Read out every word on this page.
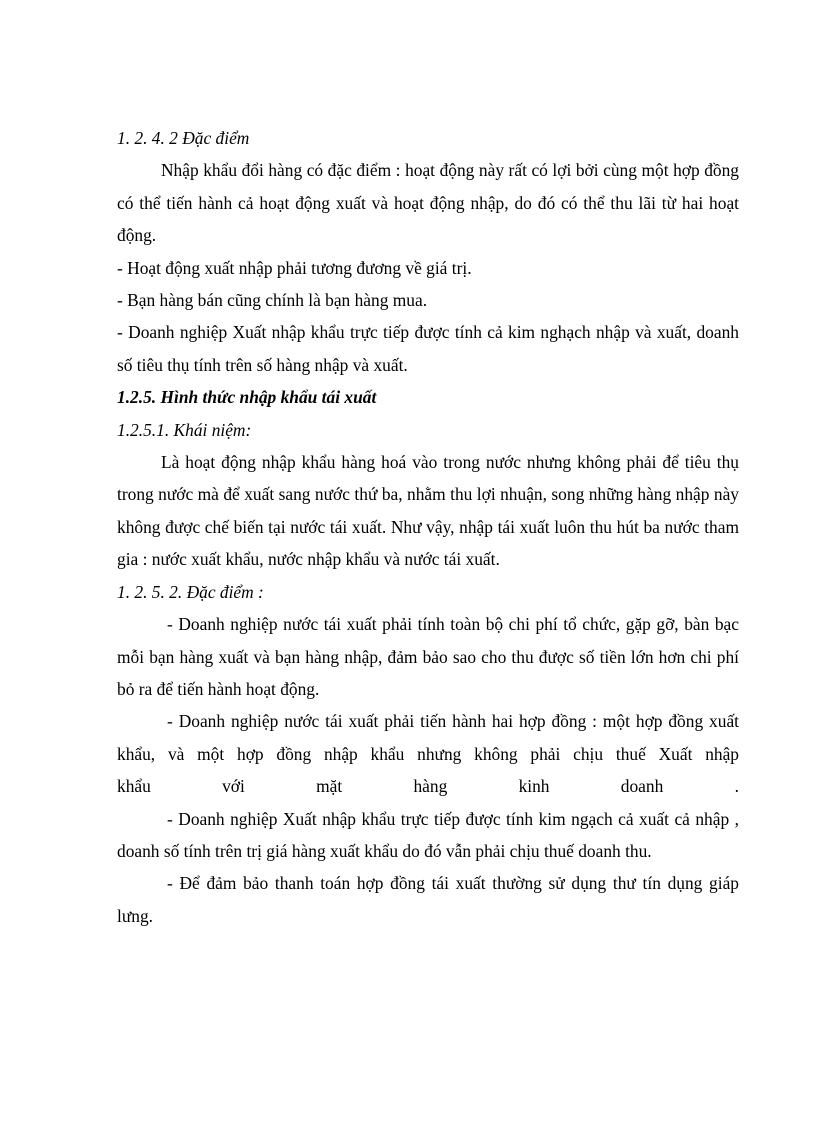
1. 2. 4. 2 Đặc điểm
Nhập khẩu đổi hàng có đặc điểm : hoạt động này rất có lợi bởi cùng một hợp đồng có thể tiến hành cả hoạt động xuất và hoạt động nhập, do đó có thể thu lãi từ hai hoạt động.
- Hoạt động xuất nhập phải tương đương về giá trị.
- Bạn hàng bán cũng chính là bạn hàng mua.
- Doanh nghiệp Xuất nhập khẩu trực tiếp được tính cả kim nghạch nhập và xuất, doanh số tiêu thụ tính trên số hàng nhập và xuất.
1.2.5. Hình thức nhập khẩu tái xuất
1.2.5.1. Khái niệm:
Là hoạt động nhập khẩu hàng hoá vào trong nước nhưng không phải để tiêu thụ trong nước mà để xuất sang nước thứ ba, nhằm thu lợi nhuận, song những hàng nhập này không được chế biến tại nước tái xuất. Như vậy, nhập tái xuất luôn thu hút ba nước tham gia : nước xuất khẩu, nước nhập khẩu và nước tái xuất.
1. 2. 5. 2. Đặc điểm :
- Doanh nghiệp nước tái xuất phải tính toàn bộ chi phí tổ chức, gặp gỡ, bàn bạc mỗi bạn hàng xuất và bạn hàng nhập, đảm bảo sao cho thu được số tiền lớn hơn chi phí bỏ ra để tiến hành hoạt động.
- Doanh nghiệp nước tái xuất phải tiến hành hai hợp đồng : một hợp đồng xuất khẩu, và một hợp đồng nhập khẩu nhưng không phải chịu thuế Xuất nhập
khẩu	với	mặt	hàng	kinh	doanh	.
- Doanh nghiệp Xuất nhập khẩu trực tiếp được tính kim ngạch cả xuất cả nhập , doanh số tính trên trị giá hàng xuất khẩu do đó vẫn phải chịu thuế doanh thu.
- Để đảm bảo thanh toán hợp đồng tái xuất thường sử dụng thư tín dụng giáp lưng.
